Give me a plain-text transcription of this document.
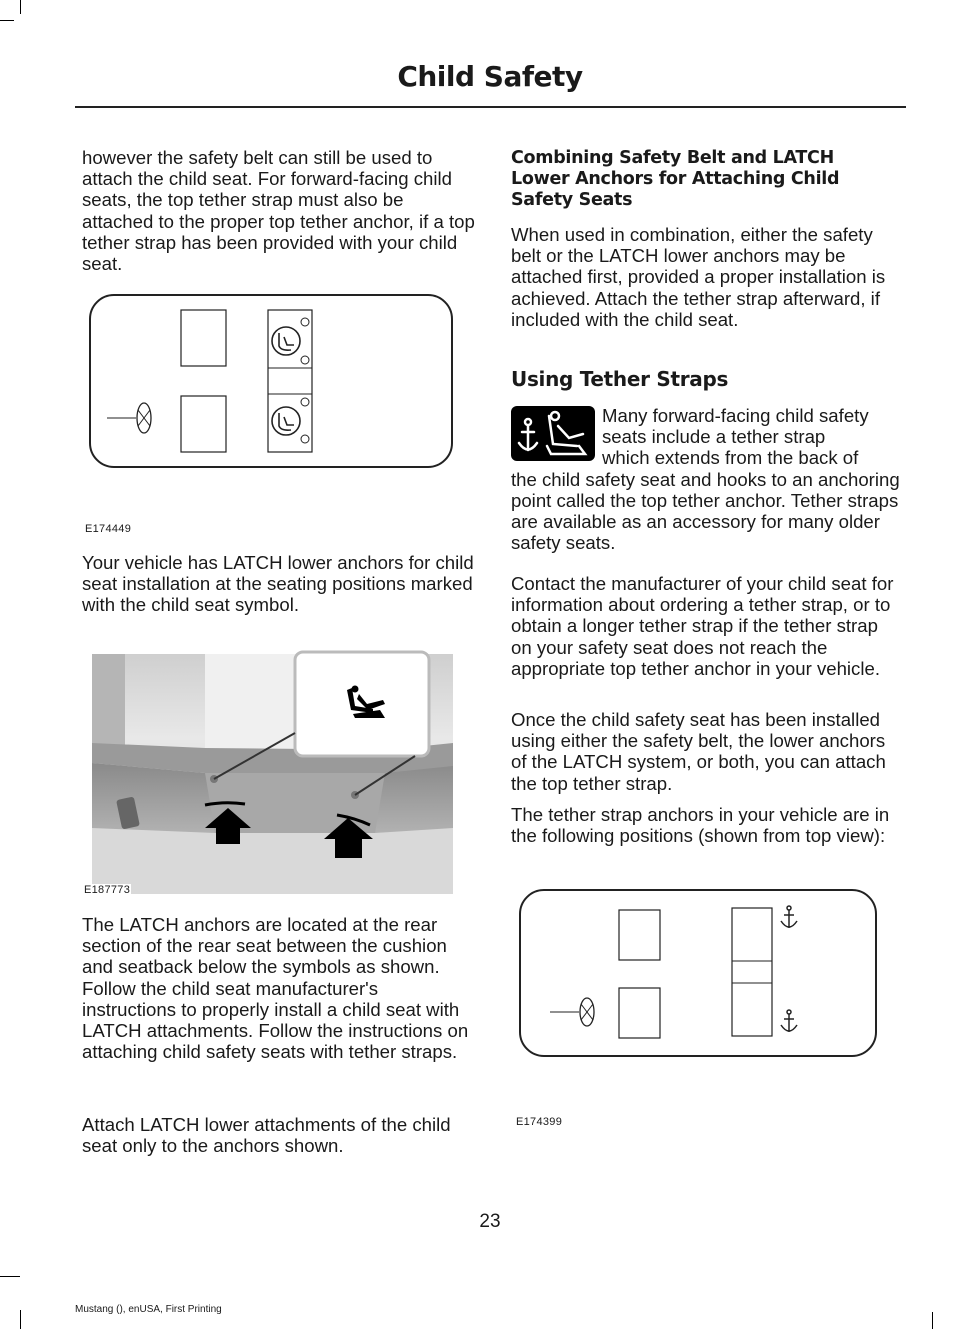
Child Safety
however the safety belt can still be used to attach the child seat. For forward-facing child seats, the top tether strap must also be attached to the proper top tether anchor, if a top tether strap has been provided with your child seat.
E174449
Your vehicle has LATCH lower anchors for child seat installation at the seating positions marked with the child seat symbol.
E187773
The LATCH anchors are located at the rear section of the rear seat between the cushion and seatback below the symbols as shown. Follow the child seat manufacturer's instructions to properly install a child seat with LATCH attachments. Follow the instructions on attaching child safety seats with tether straps.
Attach LATCH lower attachments of the child seat only to the anchors shown.
Combining Safety Belt and LATCH Lower Anchors for Attaching Child Safety Seats
When used in combination, either the safety belt or the LATCH lower anchors may be attached first, provided a proper installation is achieved. Attach the tether strap afterward, if included with the child seat.
Using Tether Straps
Many forward-facing child safety
seats include a tether strap
which extends from the back of
the child safety seat and hooks to an anchoring point called the top tether anchor. Tether straps are available as an accessory for many older safety seats.
Contact the manufacturer of your child seat for information about ordering a tether strap, or to obtain a longer tether strap if the tether strap on your safety seat does not reach the appropriate top tether anchor in your vehicle.
Once the child safety seat has been installed using either the safety belt, the lower anchors of the LATCH system, or both, you can attach the top tether strap.
The tether strap anchors in your vehicle are in the following positions (shown from top view):
E174399
23
Mustang (), enUSA, First Printing
